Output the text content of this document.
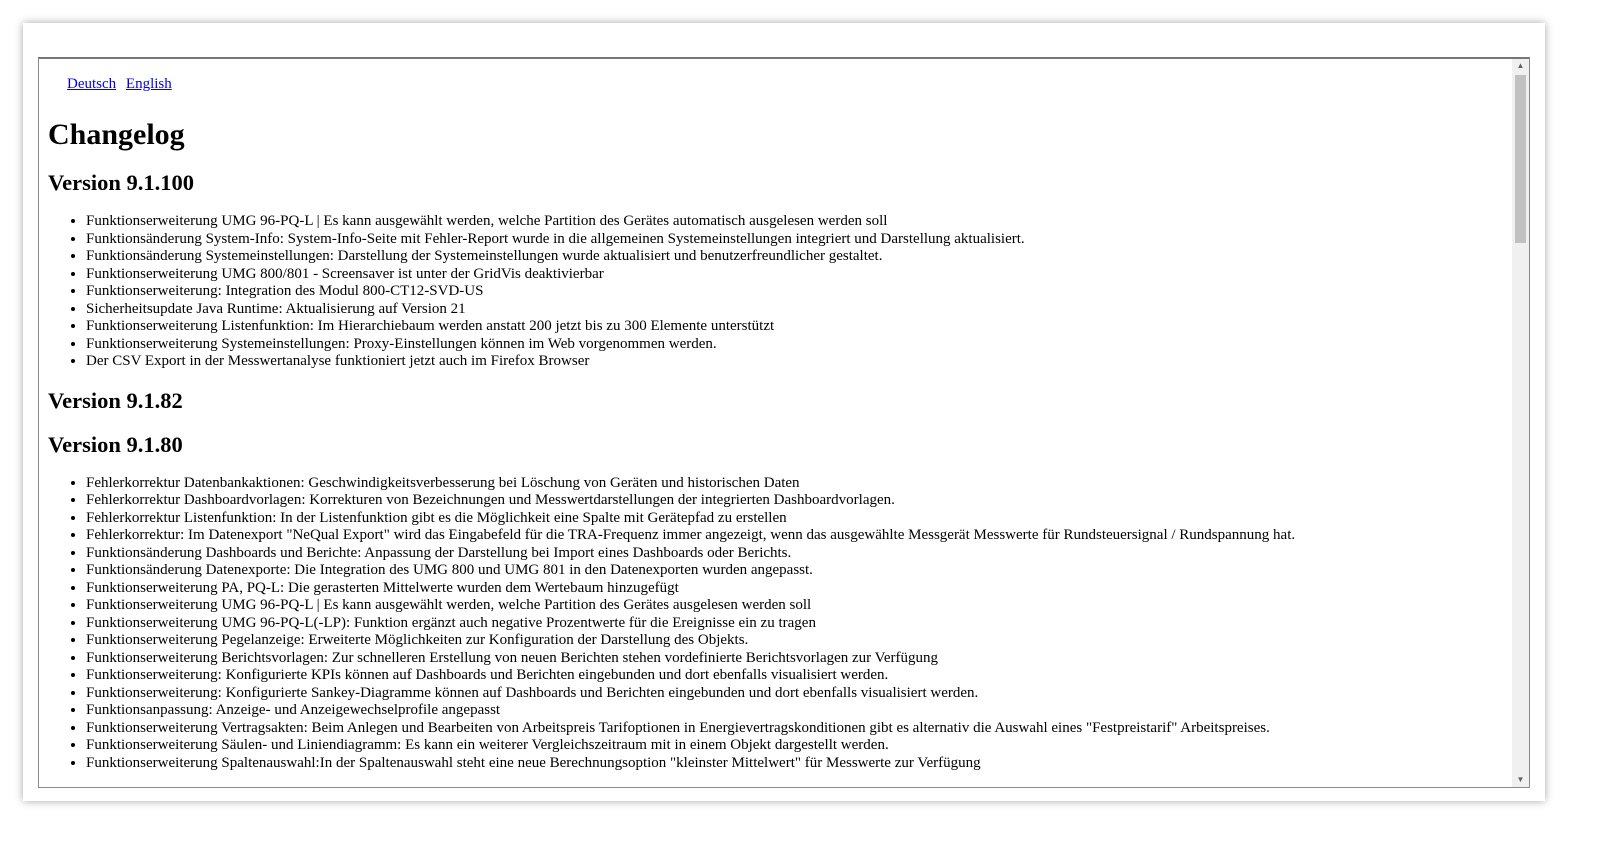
Deutsch English
Changelog
Version 9.1.100
• Funktionserweiterung UMG 96-PQ-L | Es kann ausgewählt werden, welche Partition des Gerätes automatisch ausgelesen werden soll
• Funktionsänderung System-Info: System-Info-Seite mit Fehler-Report wurde in die allgemeinen Systemeinstellungen integriert und Darstellung aktualisiert.
• Funktionsänderung Systemeinstellungen: Darstellung der Systemeinstellungen wurde aktualisiert und benutzerfreundlicher gestaltet.
• Funktionserweiterung UMG 800/801 - Screensaver ist unter der GridVis deaktivierbar
• Funktionserweiterung: Integration des Modul 800-CT12-SVD-US
• Sicherheitsupdate Java Runtime: Aktualisierung auf Version 21
• Funktionserweiterung Listenfunktion: Im Hierarchiebaum werden anstatt 200 jetzt bis zu 300 Elemente unterstützt
• Funktionserweiterung Systemeinstellungen: Proxy-Einstellungen können im Web vorgenommen werden.
• Der CSV Export in der Messwertanalyse funktioniert jetzt auch im Firefox Browser
Version 9.1.82
Version 9.1.80
• Fehlerkorrektur Datenbankaktionen: Geschwindigkeitsverbesserung bei Löschung von Geräten und historischen Daten
• Fehlerkorrektur Dashboardvorlagen: Korrekturen von Bezeichnungen und Messwertdarstellungen der integrierten Dashboardvorlagen.
• Fehlerkorrektur Listenfunktion: In der Listenfunktion gibt es die Möglichkeit eine Spalte mit Gerätepfad zu erstellen
• Fehlerkorrektur: Im Datenexport "NeQual Export" wird das Eingabefeld für die TRA-Frequenz immer angezeigt, wenn das ausgewählte Messgerät Messwerte für Rundsteuersignal / Rundspannung hat.
• Funktionsänderung Dashboards und Berichte: Anpassung der Darstellung bei Import eines Dashboards oder Berichts.
• Funktionsänderung Datenexporte: Die Integration des UMG 800 und UMG 801 in den Datenexporten wurden angepasst.
• Funktionserweiterung PA, PQ-L: Die gerasterten Mittelwerte wurden dem Wertebaum hinzugefügt
• Funktionserweiterung UMG 96-PQ-L | Es kann ausgewählt werden, welche Partition des Gerätes ausgelesen werden soll
• Funktionserweiterung UMG 96-PQ-L(-LP): Funktion ergänzt auch negative Prozentwerte für die Ereignisse ein zu tragen
• Funktionserweiterung Pegelanzeige: Erweiterte Möglichkeiten zur Konfiguration der Darstellung des Objekts.
• Funktionserweiterung Berichtsvorlagen: Zur schnelleren Erstellung von neuen Berichten stehen vordefinierte Berichtsvorlagen zur Verfügung
• Funktionserweiterung: Konfigurierte KPIs können auf Dashboards und Berichten eingebunden und dort ebenfalls visualisiert werden.
• Funktionserweiterung: Konfigurierte Sankey-Diagramme können auf Dashboards und Berichten eingebunden und dort ebenfalls visualisiert werden.
• Funktionsanpassung: Anzeige- und Anzeigewechselprofile angepasst
• Funktionserweiterung Vertragsakten: Beim Anlegen und Bearbeiten von Arbeitspreis Tarifoptionen in Energievertragskonditionen gibt es alternativ die Auswahl eines "Festpreistarif" Arbeitspreises.
• Funktionserweiterung Säulen- und Liniendiagramm: Es kann ein weiterer Vergleichszeitraum mit in einem Objekt dargestellt werden.
• Funktionserweiterung Spaltenauswahl:In der Spaltenauswahl steht eine neue Berechnungsoption "kleinster Mittelwert" für Messwerte zur Verfügung
▲
▼
